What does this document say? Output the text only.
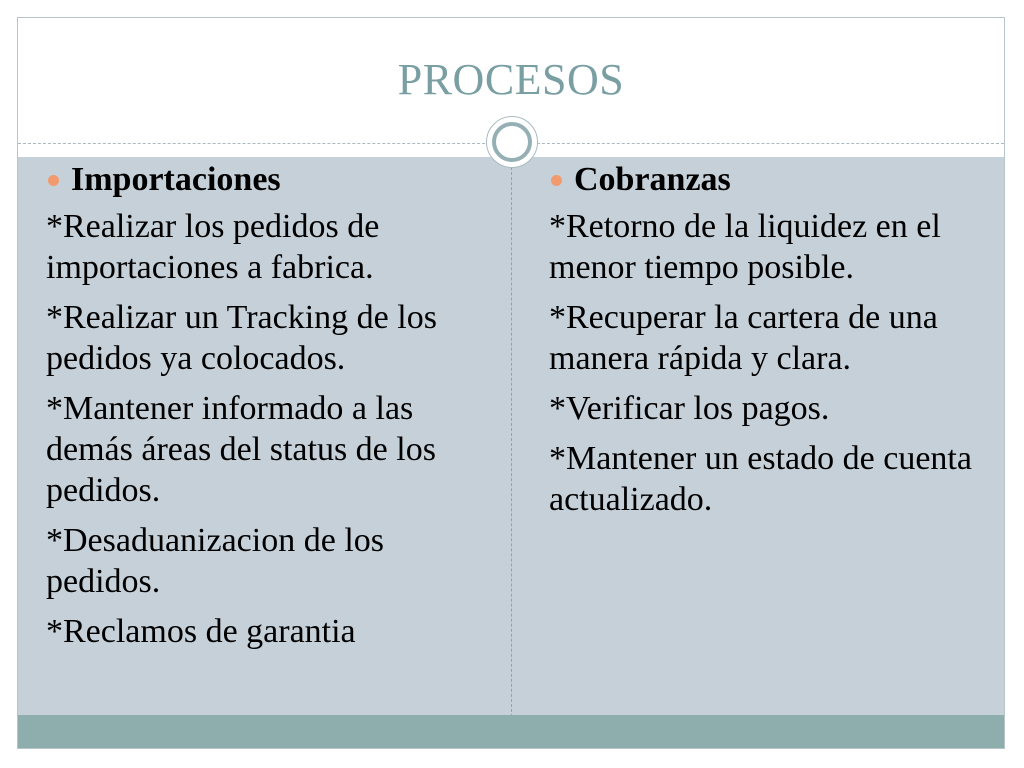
PROCESOS
Importaciones
*Realizar los pedidos de importaciones a fabrica.
*Realizar un Tracking de los pedidos ya colocados.
*Mantener informado a las demás áreas del status de los pedidos.
*Desaduanizacion de los pedidos.
*Reclamos de garantia
Cobranzas
*Retorno de la liquidez en el menor tiempo posible.
*Recuperar la cartera de una manera rápida y clara.
*Verificar los pagos.
*Mantener un estado de cuenta actualizado.
